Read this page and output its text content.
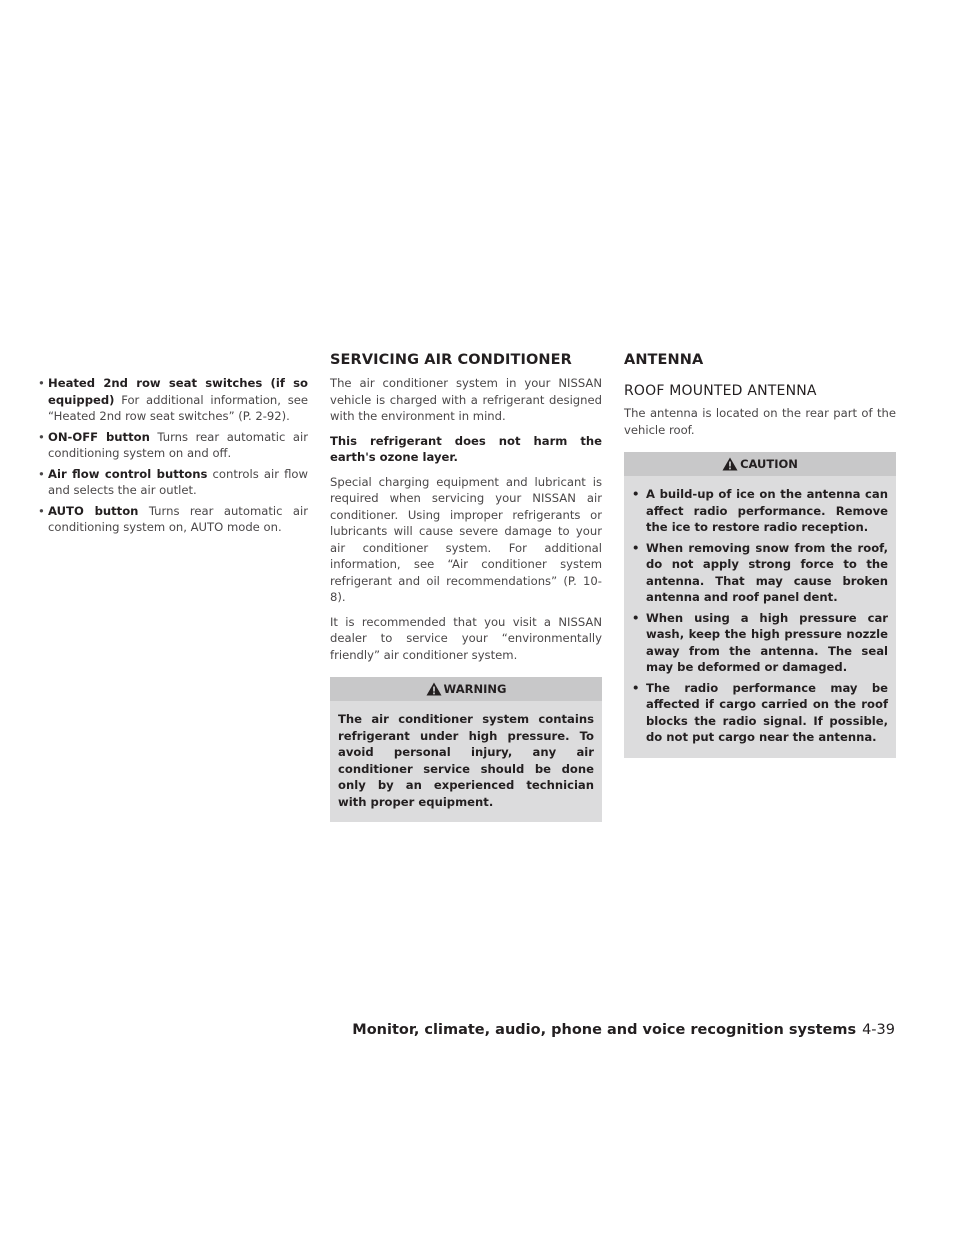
SERVICING AIR CONDITIONER	ANTENNA
• Heated 2nd row seat switches (if so equipped) For additional information, see “Heated 2nd row seat switches” (P. 2-92).
• ON-OFF button Turns rear automatic air conditioning system on and off.
• Air flow control buttons controls air flow and selects the air outlet.
• AUTO button Turns rear automatic air conditioning system on, AUTO mode on.

The air conditioner system in your NISSAN vehicle is charged with a refrigerant designed with the environment in mind.

This refrigerant does not harm the earth's ozone layer.

Special charging equipment and lubricant is required when servicing your NISSAN air conditioner. Using improper refrigerants or lubricants will cause severe damage to your air conditioner system. For additional information, see “Air conditioner system refrigerant and oil recommendations” (P. 10-8).

It is recommended that you visit a NISSAN dealer to service your “environmentally friendly” air conditioner system.

WARNING

The air conditioner system contains refrigerant under high pressure. To avoid personal injury, any air conditioner service should be done only by an experienced technician with proper equipment.

ROOF MOUNTED ANTENNA

The antenna is located on the rear part of the vehicle roof.

CAUTION
• A build-up of ice on the antenna can affect radio performance. Remove the ice to restore radio reception.
• When removing snow from the roof, do not apply strong force to the antenna. That may cause broken antenna and roof panel dent.
• When using a high pressure car wash, keep the high pressure nozzle away from the antenna. The seal may be deformed or damaged.
• The radio performance may be affected if cargo carried on the roof blocks the radio signal. If possible, do not put cargo near the antenna.
Monitor, climate, audio, phone and voice recognition systems 4-39
